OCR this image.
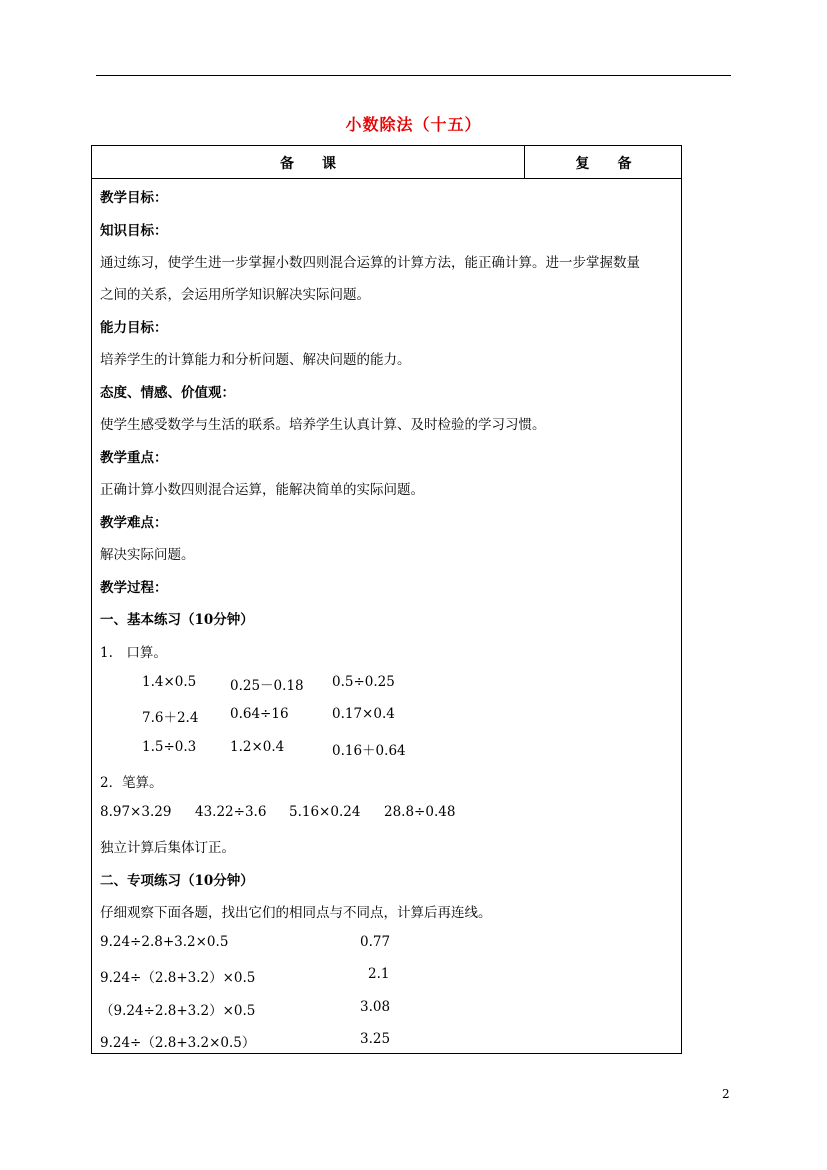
小数除法（十五）
备　　课	复　　备
教学目标：
知识目标：
通过练习，使学生进一步掌握小数四则混合运算的计算方法，能正确计算。进一步掌握数量
之间的关系，会运用所学知识解决实际问题。
能力目标：
培养学生的计算能力和分析问题、解决问题的能力。
态度、情感、价值观：
使学生感受数学与生活的联系。培养学生认真计算、及时检验的学习习惯。
教学重点：
正确计算小数四则混合运算，能解决简单的实际问题。
教学难点：
解决实际问题。
教学过程：
一、基本练习（10分钟）
1.　口算。
1.4×0.5 0.25－0.18 0.5÷0.25
7.6＋2.4 0.64÷16	0.17×0.4
1.5÷0.3 1.2×0.4	0.16＋0.64
2．笔算。
8.97×3.29 43.22÷3.6 5.16×0.24 28.8÷0.48
独立计算后集体订正。
二、专项练习（10分钟）
仔细观察下面各题，找出它们的相同点与不同点，计算后再连线。
9.24÷2.8+3.2×0.5	0.77
9.24÷（2.8+3.2）×0.5	2.1
（9.24÷2.8+3.2）×0.5	3.08
9.24÷（2.8+3.2×0.5）	3.25
2
